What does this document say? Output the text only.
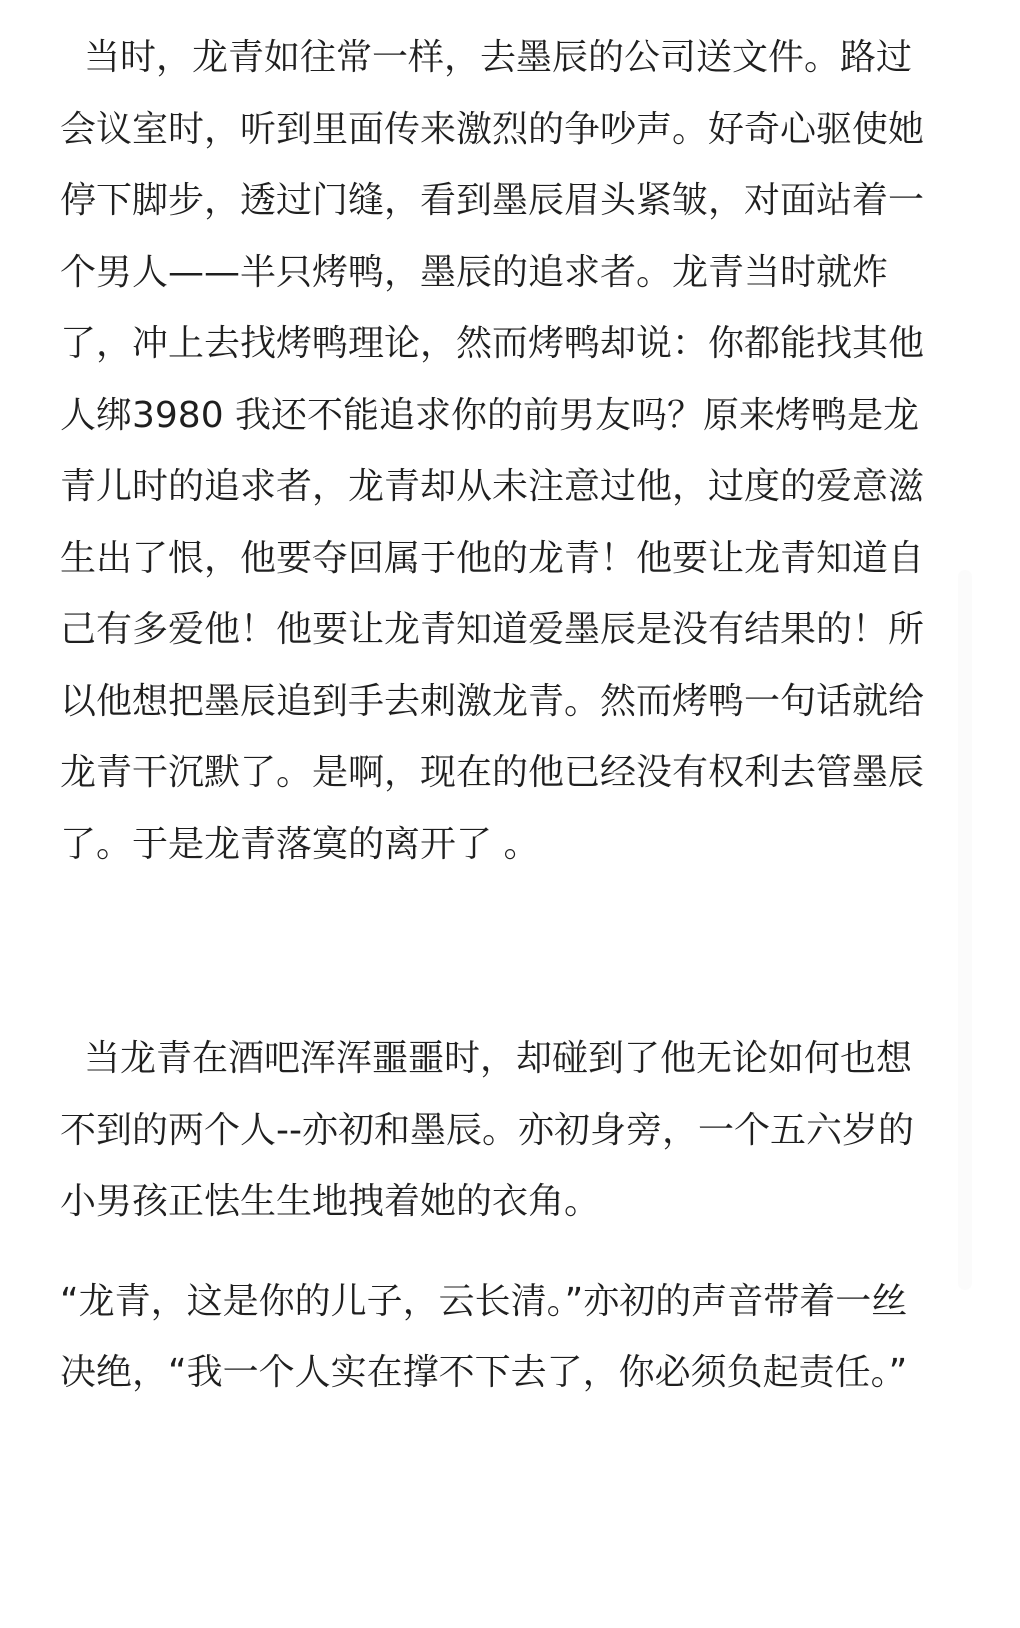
当时，龙青如往常一样，去墨辰的公司送文件。路过会议室时，听到里面传来激烈的争吵声。好奇心驱使她停下脚步，透过门缝，看到墨辰眉头紧皱，对面站着一个男人——半只烤鸭，墨辰的追求者。龙青当时就炸了，冲上去找烤鸭理论，然而烤鸭却说：你都能找其他人绑3980 我还不能追求你的前男友吗？原来烤鸭是龙青儿时的追求者，龙青却从未注意过他，过度的爱意滋生出了恨，他要夺回属于他的龙青！他要让龙青知道自己有多爱他！他要让龙青知道爱墨辰是没有结果的！所以他想把墨辰追到手去刺激龙青。然而烤鸭一句话就给龙青干沉默了。是啊，现在的他已经没有权利去管墨辰了。于是龙青落寞的离开了 。

当龙青在酒吧浑浑噩噩时，却碰到了他无论如何也想不到的两个人--亦初和墨辰。亦初身旁，一个五六岁的小男孩正怯生生地拽着她的衣角。

“龙青，这是你的儿子，云长清。”亦初的声音带着一丝决绝，“我一个人实在撑不下去了，你必须负起责任。”
